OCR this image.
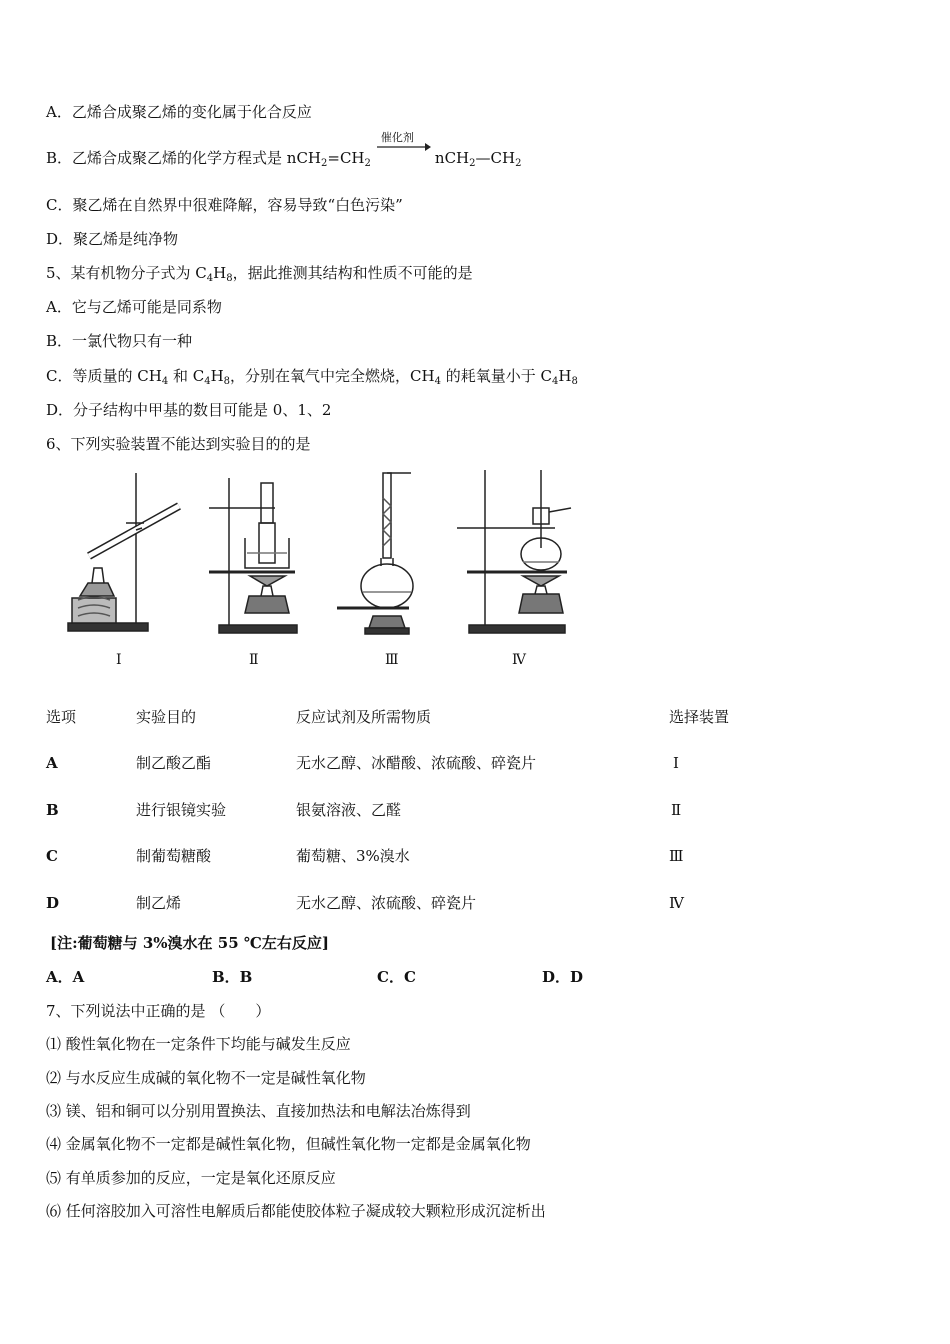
A．乙烯合成聚乙烯的变化属于化合反应
B．乙烯合成聚乙烯的化学方程式是 $nCH_2=CH_2$
催化剂
$nCH_2—CH_2$
C．聚乙烯在自然界中很难降解，容易导致“白色污染”
D．聚乙烯是纯净物
5、某有机物分子式为 $C_4H_8$，据此推测其结构和性质不可能的是
A．它与乙烯可能是同系物
B．一氯代物只有一种
C．等质量的 $CH_4$ 和 $C_4H_8$，分别在氧气中完全燃烧，$CH_4$ 的耗氧量小于 $C_4H_8$
D．分子结构中甲基的数目可能是 0、1、2
6、下列实验装置不能达到实验目的的是
Ⅰ	Ⅱ	Ⅲ	Ⅳ
选项	实验目的	反应试剂及所需物质	选择装置
A	制乙酸乙酯	无水乙醇、冰醋酸、浓硫酸、碎瓷片	Ⅰ
B	进行银镜实验	银氨溶液、乙醛	Ⅱ
C	制葡萄糖酸	葡萄糖、3%溴水	Ⅲ
D	制乙烯	无水乙醇、浓硫酸、碎瓷片	Ⅳ
[注:葡萄糖与 3%溴水在 55 ℃左右反应]
A．A	B．B	C．C	D．D
7、下列说法中正确的是 （　　）
⑴ 酸性氧化物在一定条件下均能与碱发生反应
⑵ 与水反应生成碱的氧化物不一定是碱性氧化物
⑶ 镁、铝和铜可以分别用置换法、直接加热法和电解法冶炼得到
⑷ 金属氧化物不一定都是碱性氧化物，但碱性氧化物一定都是金属氧化物
⑸ 有单质参加的反应，一定是氧化还原反应
⑹ 任何溶胶加入可溶性电解质后都能使胶体粒子凝成较大颗粒形成沉淀析出
